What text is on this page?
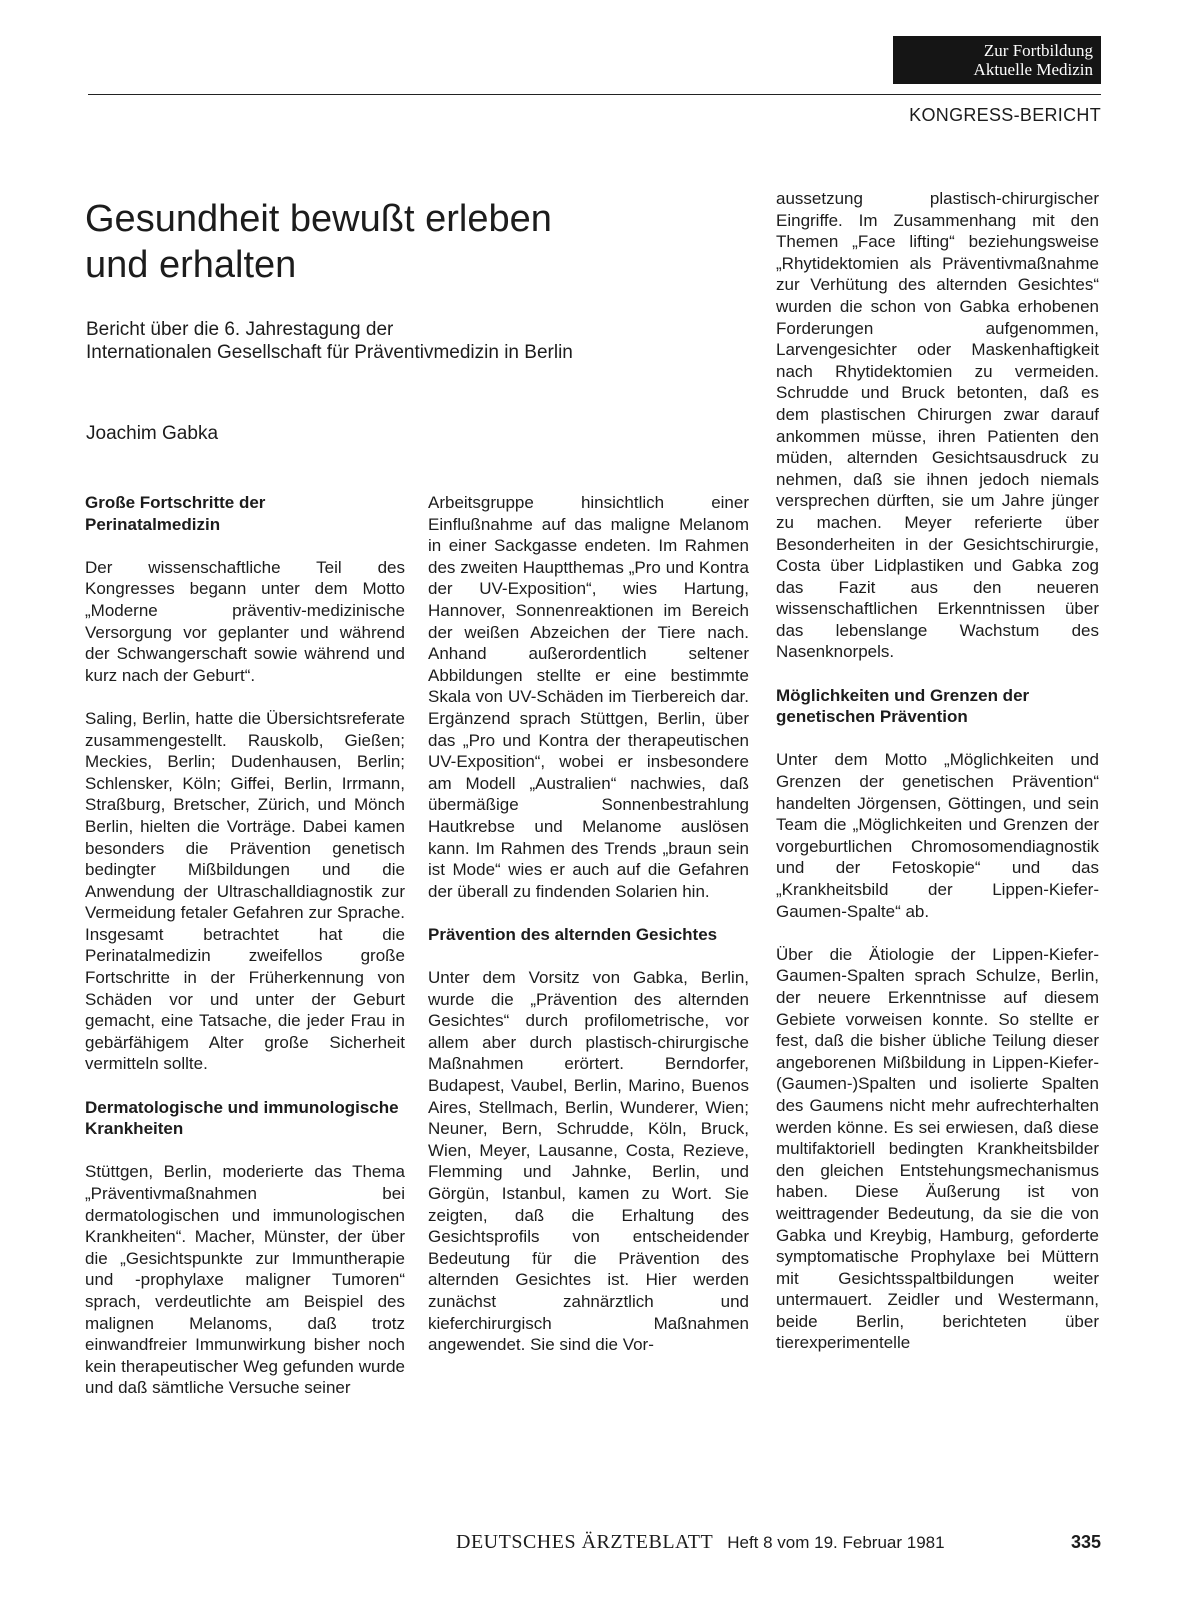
Zur Fortbildung
Aktuelle Medizin
KONGRESS-BERICHT
Gesundheit bewußt erleben
und erhalten
Bericht über die 6. Jahrestagung der
Internationalen Gesellschaft für Präventivmedizin in Berlin
Joachim Gabka
Große Fortschritte der Perinatalmedizin

Der wissenschaftliche Teil des Kongresses begann unter dem Motto „Moderne präventiv-medizinische Versorgung vor geplanter und während der Schwangerschaft sowie während und kurz nach der Geburt“.

Saling, Berlin, hatte die Übersichtsreferate zusammengestellt. Rauskolb, Gießen; Meckies, Berlin; Dudenhausen, Berlin; Schlensker, Köln; Giffei, Berlin, Irrmann, Straßburg, Bretscher, Zürich, und Mönch Berlin, hielten die Vorträge. Dabei kamen besonders die Prävention genetisch bedingter Mißbildungen und die Anwendung der Ultraschalldiagnostik zur Vermeidung fetaler Gefahren zur Sprache. Insgesamt betrachtet hat die Perinatalmedizin zweifellos große Fortschritte in der Früherkennung von Schäden vor und unter der Geburt gemacht, eine Tatsache, die jeder Frau in gebärfähigem Alter große Sicherheit vermitteln sollte.

Dermatologische und immunologische Krankheiten

Stüttgen, Berlin, moderierte das Thema „Präventivmaßnahmen bei dermatologischen und immunologischen Krankheiten“. Macher, Münster, der über die „Gesichtspunkte zur Immuntherapie und -prophylaxe maligner Tumoren“ sprach, verdeutlichte am Beispiel des malignen Melanoms, daß trotz einwandfreier Immunwirkung bisher noch kein therapeutischer Weg gefunden wurde und daß sämtliche Versuche seiner

Arbeitsgruppe hinsichtlich einer Einflußnahme auf das maligne Melanom in einer Sackgasse endeten. Im Rahmen des zweiten Hauptthemas „Pro und Kontra der UV-Exposition“, wies Hartung, Hannover, Sonnenreaktionen im Bereich der weißen Abzeichen der Tiere nach. Anhand außerordentlich seltener Abbildungen stellte er eine bestimmte Skala von UV-Schäden im Tierbereich dar. Ergänzend sprach Stüttgen, Berlin, über das „Pro und Kontra der therapeutischen UV-Exposition“, wobei er insbesondere am Modell „Australien“ nachwies, daß übermäßige Sonnenbestrahlung Hautkrebse und Melanome auslösen kann. Im Rahmen des Trends „braun sein ist Mode“ wies er auch auf die Gefahren der überall zu findenden Solarien hin.

Prävention des alternden Gesichtes

Unter dem Vorsitz von Gabka, Berlin, wurde die „Prävention des alternden Gesichtes“ durch profilometrische, vor allem aber durch plastisch-chirurgische Maßnahmen erörtert. Berndorfer, Budapest, Vaubel, Berlin, Marino, Buenos Aires, Stellmach, Berlin, Wunderer, Wien; Neuner, Bern, Schrudde, Köln, Bruck, Wien, Meyer, Lausanne, Costa, Rezieve, Flemming und Jahnke, Berlin, und Görgün, Istanbul, kamen zu Wort. Sie zeigten, daß die Erhaltung des Gesichtsprofils von entscheidender Bedeutung für die Prävention des alternden Gesichtes ist. Hier werden zunächst zahnärztlich und kieferchirurgisch Maßnahmen angewendet. Sie sind die Vor-

aussetzung plastisch-chirurgischer Eingriffe. Im Zusammenhang mit den Themen „Face lifting“ beziehungsweise „Rhytidektomien als Präventivmaßnahme zur Verhütung des alternden Gesichtes“ wurden die schon von Gabka erhobenen Forderungen aufgenommen, Larvengesichter oder Maskenhaftigkeit nach Rhytidektomien zu vermeiden. Schrudde und Bruck betonten, daß es dem plastischen Chirurgen zwar darauf ankommen müsse, ihren Patienten den müden, alternden Gesichtsausdruck zu nehmen, daß sie ihnen jedoch niemals versprechen dürften, sie um Jahre jünger zu machen. Meyer referierte über Besonderheiten in der Gesichtschirurgie, Costa über Lidplastiken und Gabka zog das Fazit aus den neueren wissenschaftlichen Erkenntnissen über das lebenslange Wachstum des Nasenknorpels.

Möglichkeiten und Grenzen der genetischen Prävention

Unter dem Motto „Möglichkeiten und Grenzen der genetischen Prävention“ handelten Jörgensen, Göttingen, und sein Team die „Möglichkeiten und Grenzen der vorgeburtlichen Chromosomendiagnostik und der Fetoskopie“ und das „Krankheitsbild der Lippen-Kiefer-Gaumen-Spalte“ ab.

Über die Ätiologie der Lippen-Kiefer-Gaumen-Spalten sprach Schulze, Berlin, der neuere Erkenntnisse auf diesem Gebiete vorweisen konnte. So stellte er fest, daß die bisher übliche Teilung dieser angeborenen Mißbildung in Lippen-Kiefer-(Gaumen-)Spalten und isolierte Spalten des Gaumens nicht mehr aufrechterhalten werden könne. Es sei erwiesen, daß diese multifaktoriell bedingten Krankheitsbilder den gleichen Entstehungsmechanismus haben. Diese Äußerung ist von weittragender Bedeutung, da sie die von Gabka und Kreybig, Hamburg, geforderte symptomatische Prophylaxe bei Müttern mit Gesichtsspaltbildungen weiter untermauert. Zeidler und Westermann, beide Berlin, berichteten über tierexperimentelle

DEUTSCHES ÄRZTEBLATT Heft 8 vom 19. Februar 1981	335
